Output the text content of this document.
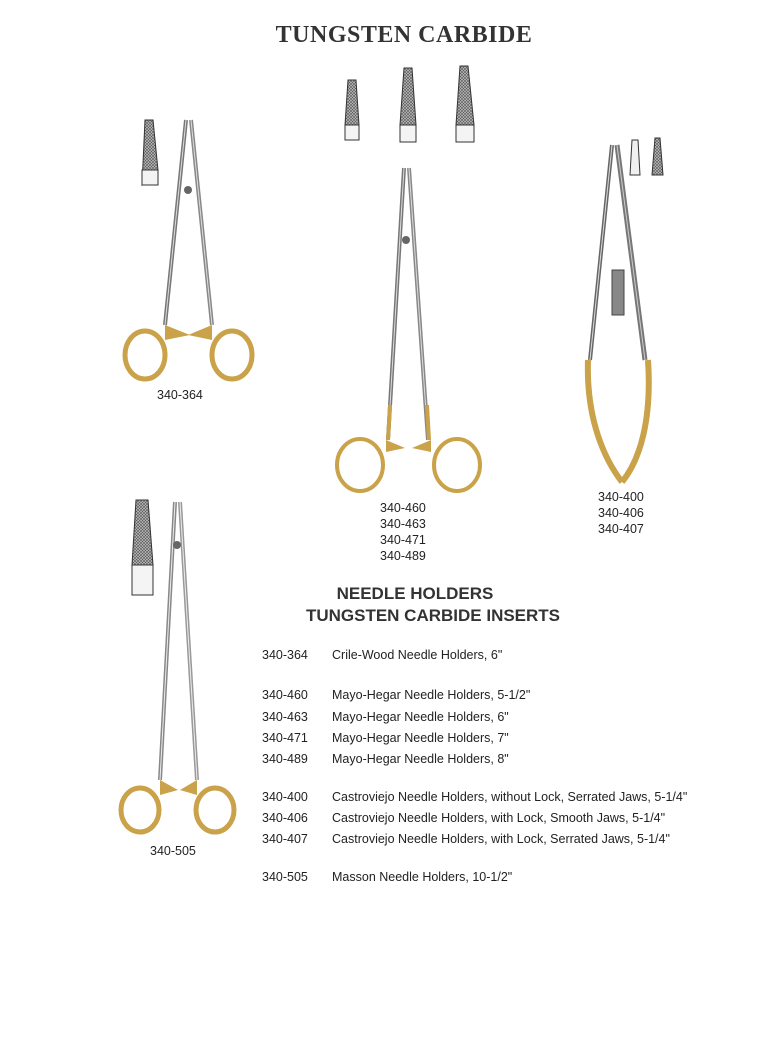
TUNGSTEN CARBIDE
340-364
340-460
340-463
340-471
340-489
340-400
340-406
340-407
340-505
NEEDLE HOLDERS
TUNGSTEN CARBIDE INSERTS
340-364 Crile-Wood Needle Holders, 6"
340-460 Mayo-Hegar Needle Holders, 5-1/2"
340-463 Mayo-Hegar Needle Holders, 6"
340-471 Mayo-Hegar Needle Holders, 7"
340-489 Mayo-Hegar Needle Holders, 8"
340-400 Castroviejo Needle Holders, without Lock, Serrated Jaws, 5-1/4"
340-406 Castroviejo Needle Holders, with Lock, Smooth Jaws, 5-1/4"
340-407 Castroviejo Needle Holders, with Lock, Serrated Jaws, 5-1/4"
340-505 Masson Needle Holders, 10-1/2"
